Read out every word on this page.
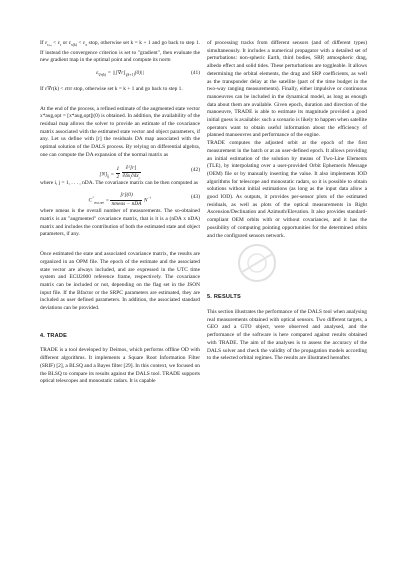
If $\varepsilon_{r_{(k)}} < \varepsilon_r$ or $\varepsilon_{x(k)} < \varepsilon_x$ stop, otherwise set k = k + 1 and go back to step 1. If instead the convergence criterion is set to "gradient", then evaluate the new gradient map in the optimal point and compute its norm

$\varepsilon_{\nabla r(k)} = ||[\nabla r]_{|(k+1)}(0)||$	(41)

If ε∇r(k) < εtrr stop, otherwise set k = k + 1 and go back to step 1.

At the end of the process, a refined estimate of the augmented state vector x*aug,opt = [x*aug,opt]|(0) is obtained. In addition, the availability of the residual map allows the solver to provide an estimate of the covariance matrix associated with the estimated state vector and object parameters, if any. Let us define with [r] the residuals DA map associated with the optimal solution of the DALS process. By relying on differential algebra, one can compute the DA expansion of the normal matrix as

$[N]_{ij} = \frac{1}{2}$
$\frac{\text{∂²[r]}}{\partial\delta x_i\partial\delta x_j}$	(42)

where i, j = 1, . . . , nDA. The covariance matrix can be then computed as

$C^*_{aug,opt} = \frac{[r](0)}{\text{nmeas − nDA}} N^{-1}$	(43)

where nmeas is the overall number of measurements. The so-obtained matrix is an "augmented" covariance matrix, that is it is a (nDA x nDA) matrix and includes the contribution of both the estimated state and object parameters, if any.

Once estimated the state and associated covariance matrix, the results are organized in an OPM file. The epoch of the estimate and the associated state vector are always included, and are expressed in the UTC time system and ECIJ2000 reference frame, respectively. The covariance matrix can be included or not, depending on the flag set in the JSON input file. If the Bfactor or the SRPC parameters are estimated, they are included as user defined parameters. In addition, the associated standard deviations can be provided.

4. TRADE

TRADE is a tool developed by Deimos, which performs offline OD with different algorithms. It implements a Square Root Information Filter (SRIF) [2], a BLSQ and a Bayes filter [29]. In this context, we focused on the BLSQ to compare its results against the DALS tool. TRADE supports optical telescopes and monostatic radars. It is capable

of processing tracks from different sensors (and of different types) simultaneously. It includes a numerical propagator with a detailed set of perturbations: non-spheric Earth, third bodies, SRP, atmospheric drag, albedo effect and solid tides. These perturbations are toggleable. It allows determining the orbital elements, the drag and SRP coefficients, as well as the transponder delay at the satellite (part of the time budget in the two-way ranging measurements). Finally, either impulsive or continuous manoeuvres can be included in the dynamical model, as long as enough data about them are available. Given epoch, duration and direction of the manoeuvre, TRADE is able to estimate its magnitude provided a good initial guess is available: such a scenario is likely to happen when satellite operators want to obtain useful information about the efficiency of planned manoeuvres and performance of the engine.

TRADE computes the adjusted orbit at the epoch of the first measurement in the batch or at an user-defined epoch. It allows providing an initial estimation of the solution by means of Two-Line Elements (TLE), by interpolating over a user-provided Orbit Ephemeris Message (OEM) file or by manually inserting the value. It also implements IOD algorithms for telescope and monostatic radars, so it is possible to obtain solutions without initial estimations (as long as the input data allow a good IOD). As outputs, it provides per-sensor plots of the estimated residuals, as well as plots of the optical measurements in Right Ascension/Declination and Azimuth/Elevation. It also provides standard-compliant OEM orbits with or without covariances, and it has the possibility of computing pointing opportunities for the determined orbits and the configured sensors network.

5. RESULTS

This section illustrates the performance of the DALS tool when analysing real measurements obtained with optical sensors. Two different targets, a GEO and a GTO object, were observed and analysed, and the performance of the software is here compared against results obtained with TRADE. The aim of the analyses is to assess the accuracy of the DALS solver and check the validity of the propagation models according to the selected orbital regimes. The results are illustrated hereafter.
